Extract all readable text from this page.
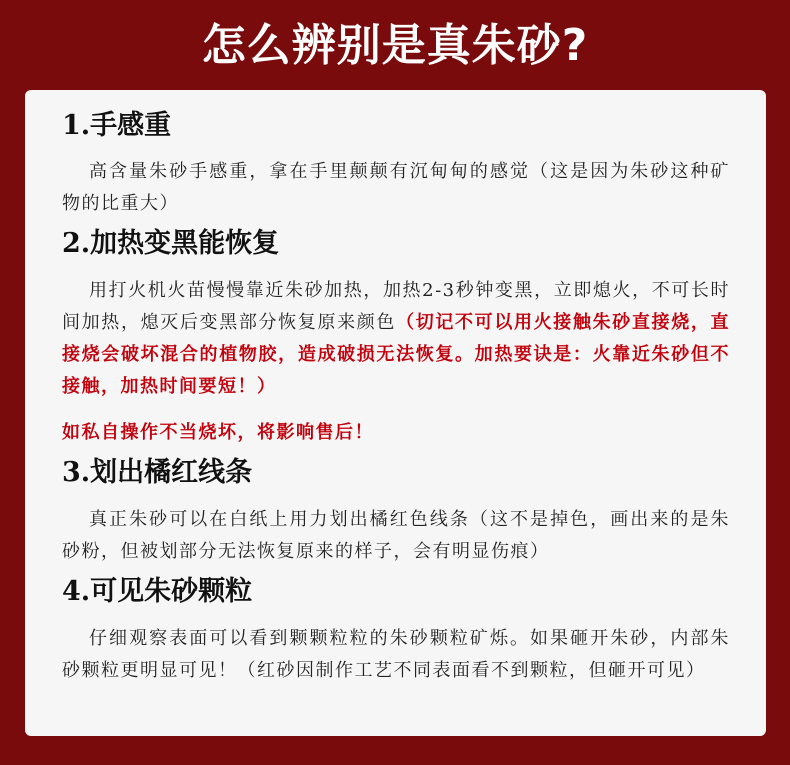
怎么辨别是真朱砂?
1.手感重

高含量朱砂手感重，拿在手里颠颠有沉甸甸的感觉（这是因为朱砂这种矿物的比重大）

2.加热变黑能恢复

用打火机火苗慢慢靠近朱砂加热，加热2-3秒钟变黑，立即熄火，不可长时间加热，熄灭后变黑部分恢复原来颜色（切记不可以用火接触朱砂直接烧，直接烧会破坏混合的植物胶，造成破损无法恢复。加热要诀是：火靠近朱砂但不接触，加热时间要短！）

如私自操作不当烧坏，将影响售后！

3.划出橘红线条

真正朱砂可以在白纸上用力划出橘红色线条（这不是掉色，画出来的是朱砂粉，但被划部分无法恢复原来的样子，会有明显伤痕）

4.可见朱砂颗粒

仔细观察表面可以看到颗颗粒粒的朱砂颗粒矿烁。如果砸开朱砂，内部朱砂颗粒更明显可见！（红砂因制作工艺不同表面看不到颗粒，但砸开可见）
